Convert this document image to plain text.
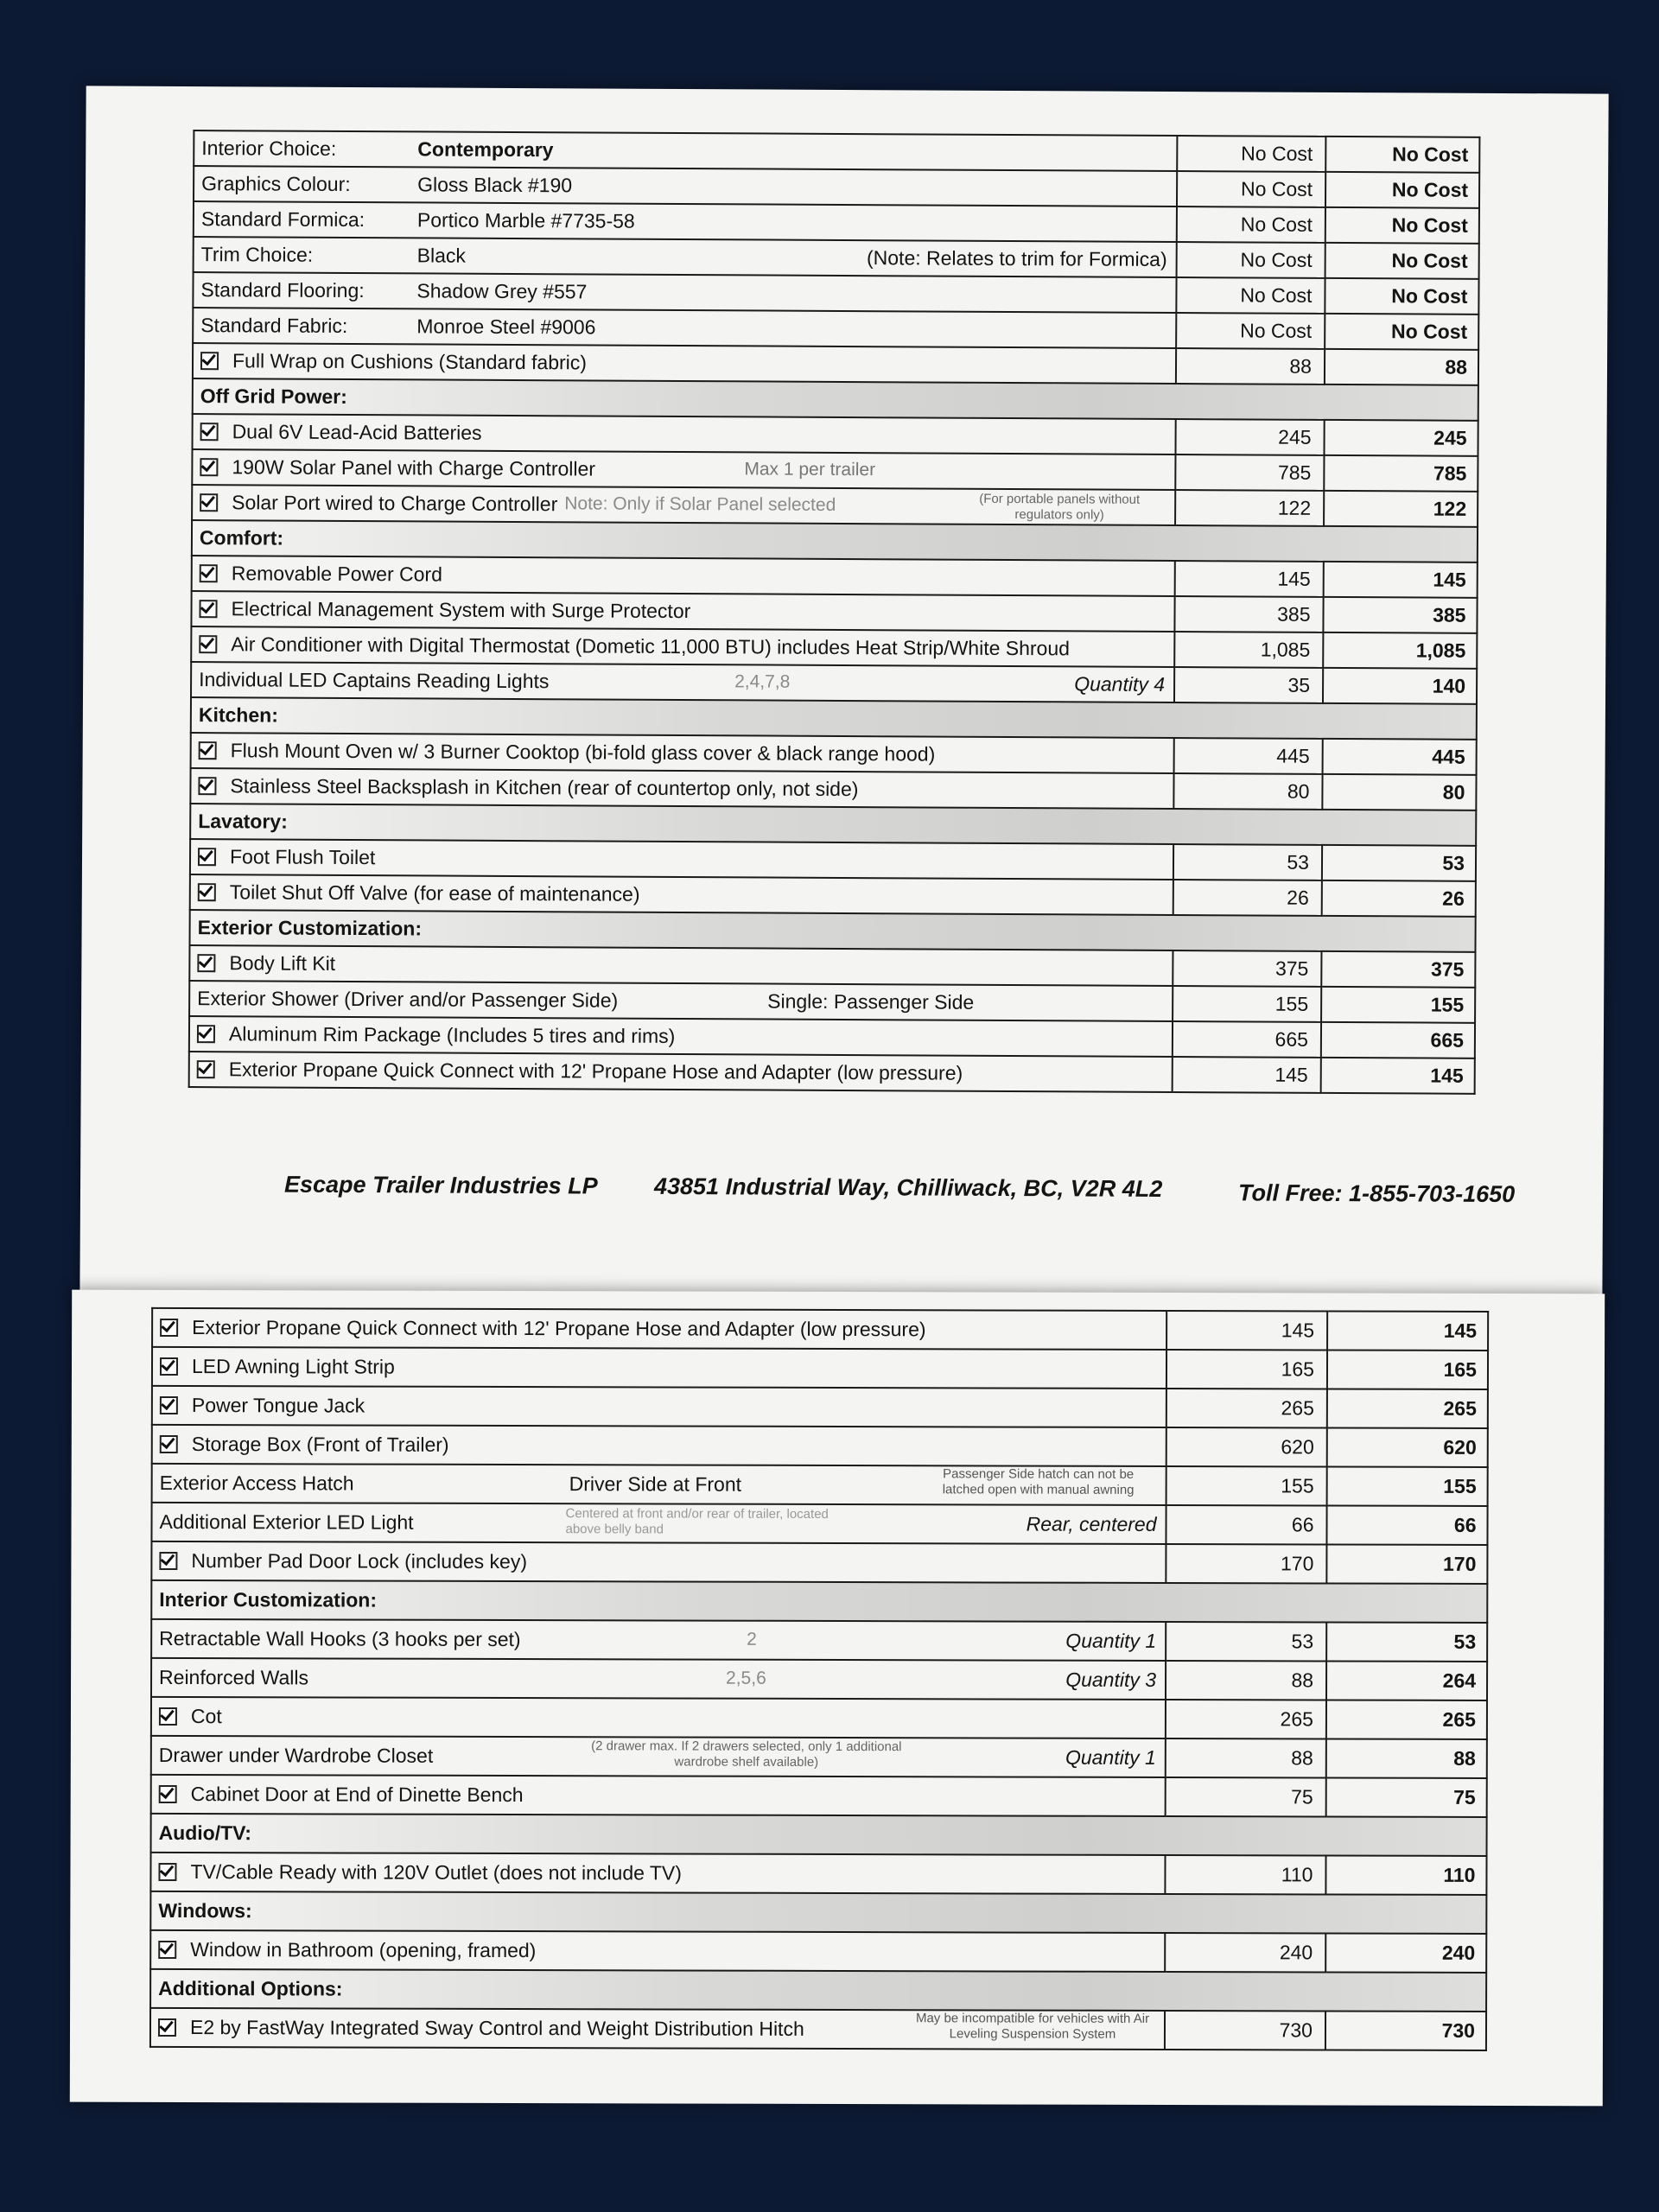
Interior Choice: Contemporary	No Cost	No Cost

Graphics Colour: Gloss Black #190	No Cost	No Cost

Standard Formica: Portico Marble #7735-58	No Cost	No Cost

Trim Choice: Black (Note: Relates to trim for Formica)	No Cost	No Cost

Standard Flooring: Shadow Grey #557	No Cost	No Cost

Standard Fabric: Monroe Steel #9006	No Cost	No Cost

Full Wrap on Cushions (Standard fabric)	88	88
Off Grid Power:		

Dual 6V Lead-Acid Batteries	245	245

190W Solar Panel with Charge Controller Max 1 per trailer	785	785

Solar Port wired to Charge Controller Note: Only if Solar Panel selected (For portable panels without regulators only)	122	122
Comfort:		

Removable Power Cord	145	145

Electrical Management System with Surge Protector	385	385

Air Conditioner with Digital Thermostat (Dometic 11,000 BTU) includes Heat Strip/White Shroud	1,085	1,085

Individual LED Captains Reading Lights 2,4,7,8 Quantity 4	35	140
Kitchen:		

Flush Mount Oven w/ 3 Burner Cooktop (bi-fold glass cover & black range hood)	445	445

Stainless Steel Backsplash in Kitchen (rear of countertop only, not side)	80	80
Lavatory:		

Foot Flush Toilet	53	53

Toilet Shut Off Valve (for ease of maintenance)	26	26
Exterior Customization:		

Body Lift Kit	375	375

Exterior Shower (Driver and/or Passenger Side) Single: Passenger Side	155	155

Aluminum Rim Package (Includes 5 tires and rims)	665	665

Exterior Propane Quick Connect with 12' Propane Hose and Adapter (low pressure)	145	145
Escape Trailer Industries LP 43851 Industrial Way, Chilliwack, BC, V2R 4L2	Toll Free: 1-855-703-1650
Exterior Propane Quick Connect with 12' Propane Hose and Adapter (low pressure)	145	145

LED Awning Light Strip	165	165

Power Tongue Jack	265	265

Storage Box (Front of Trailer)	620	620

Exterior Access Hatch Driver Side at Front Passenger Side hatch can not be latched open with manual awning	155	155

Additional Exterior LED Light Centered at front and/or rear of trailer, located above belly band Rear, centered	66	66

Number Pad Door Lock (includes key)	170	170
Interior Customization:		

Retractable Wall Hooks (3 hooks per set) 2 Quantity 1	53	53

Reinforced Walls 2,5,6 Quantity 3	88	264

Cot	265	265

Drawer under Wardrobe Closet (2 drawer max. If 2 drawers selected, only 1 additional wardrobe shelf available) Quantity 1	88	88

Cabinet Door at End of Dinette Bench	75	75
Audio/TV:		

TV/Cable Ready with 120V Outlet (does not include TV)	110	110
Windows:		

Window in Bathroom (opening, framed)	240	240
Additional Options:		

E2 by FastWay Integrated Sway Control and Weight Distribution Hitch May be incompatible for vehicles with Air Leveling Suspension System	730	730
